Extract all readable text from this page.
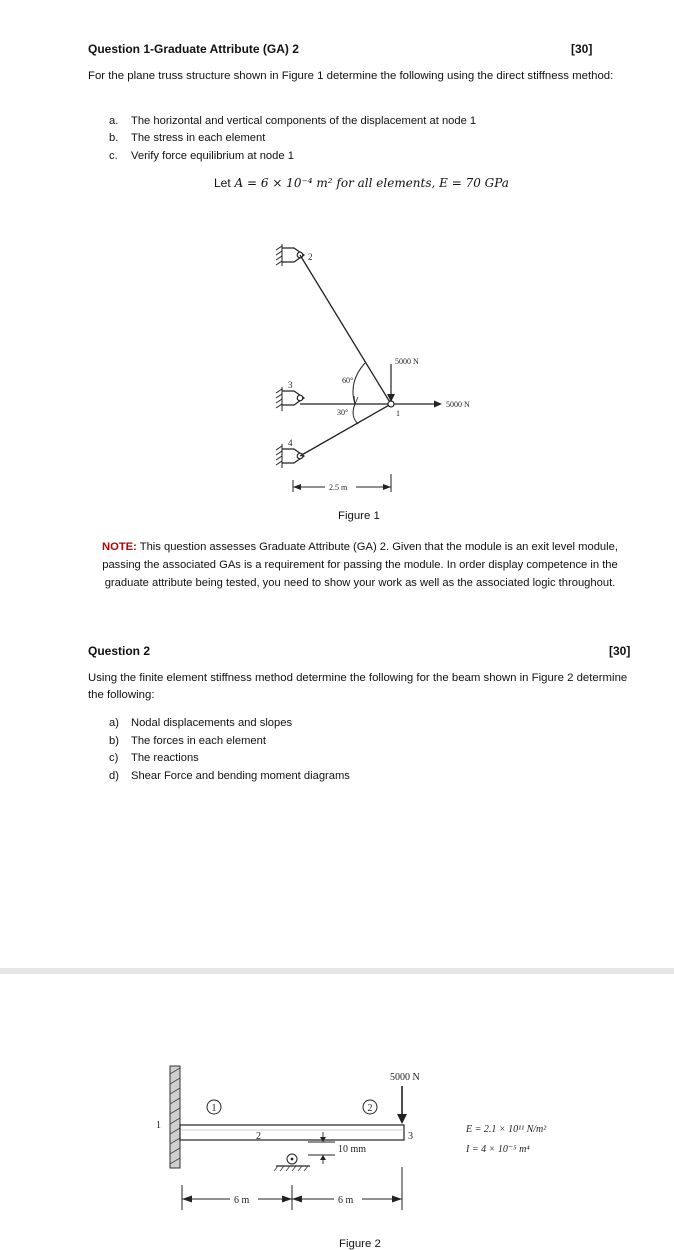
Question 1-Graduate Attribute (GA) 2	[30]
For the plane truss structure shown in Figure 1 determine the following using the direct stiffness method:
a. The horizontal and vertical components of the displacement at node 1
b. The stress in each element
c. Verify force equilibrium at node 1
Let A = 6 × 10⁻⁴ m² for all elements, E = 70 GPa
2
3
4
1
5000 N
5000 N
60°
30°
2.5 m
Figure 1
NOTE: This question assesses Graduate Attribute (GA) 2. Given that the module is an exit level module, passing the associated GAs is a requirement for passing the module. In order display competence in the graduate attribute being tested, you need to show your work as well as the associated logic throughout.
Question 2	[30]
Using the finite element stiffness method determine the following for the beam shown in Figure 2 determine the following:
a) Nodal displacements and slopes
b) The forces in each element
c) The reactions
d) Shear Force and bending moment diagrams
1	2
1
2	3
5000 N
10 mm
6 m	6 m
E = 2.1 × 10¹¹ N/m²
I = 4 × 10⁻⁵ m⁴
Figure 2
